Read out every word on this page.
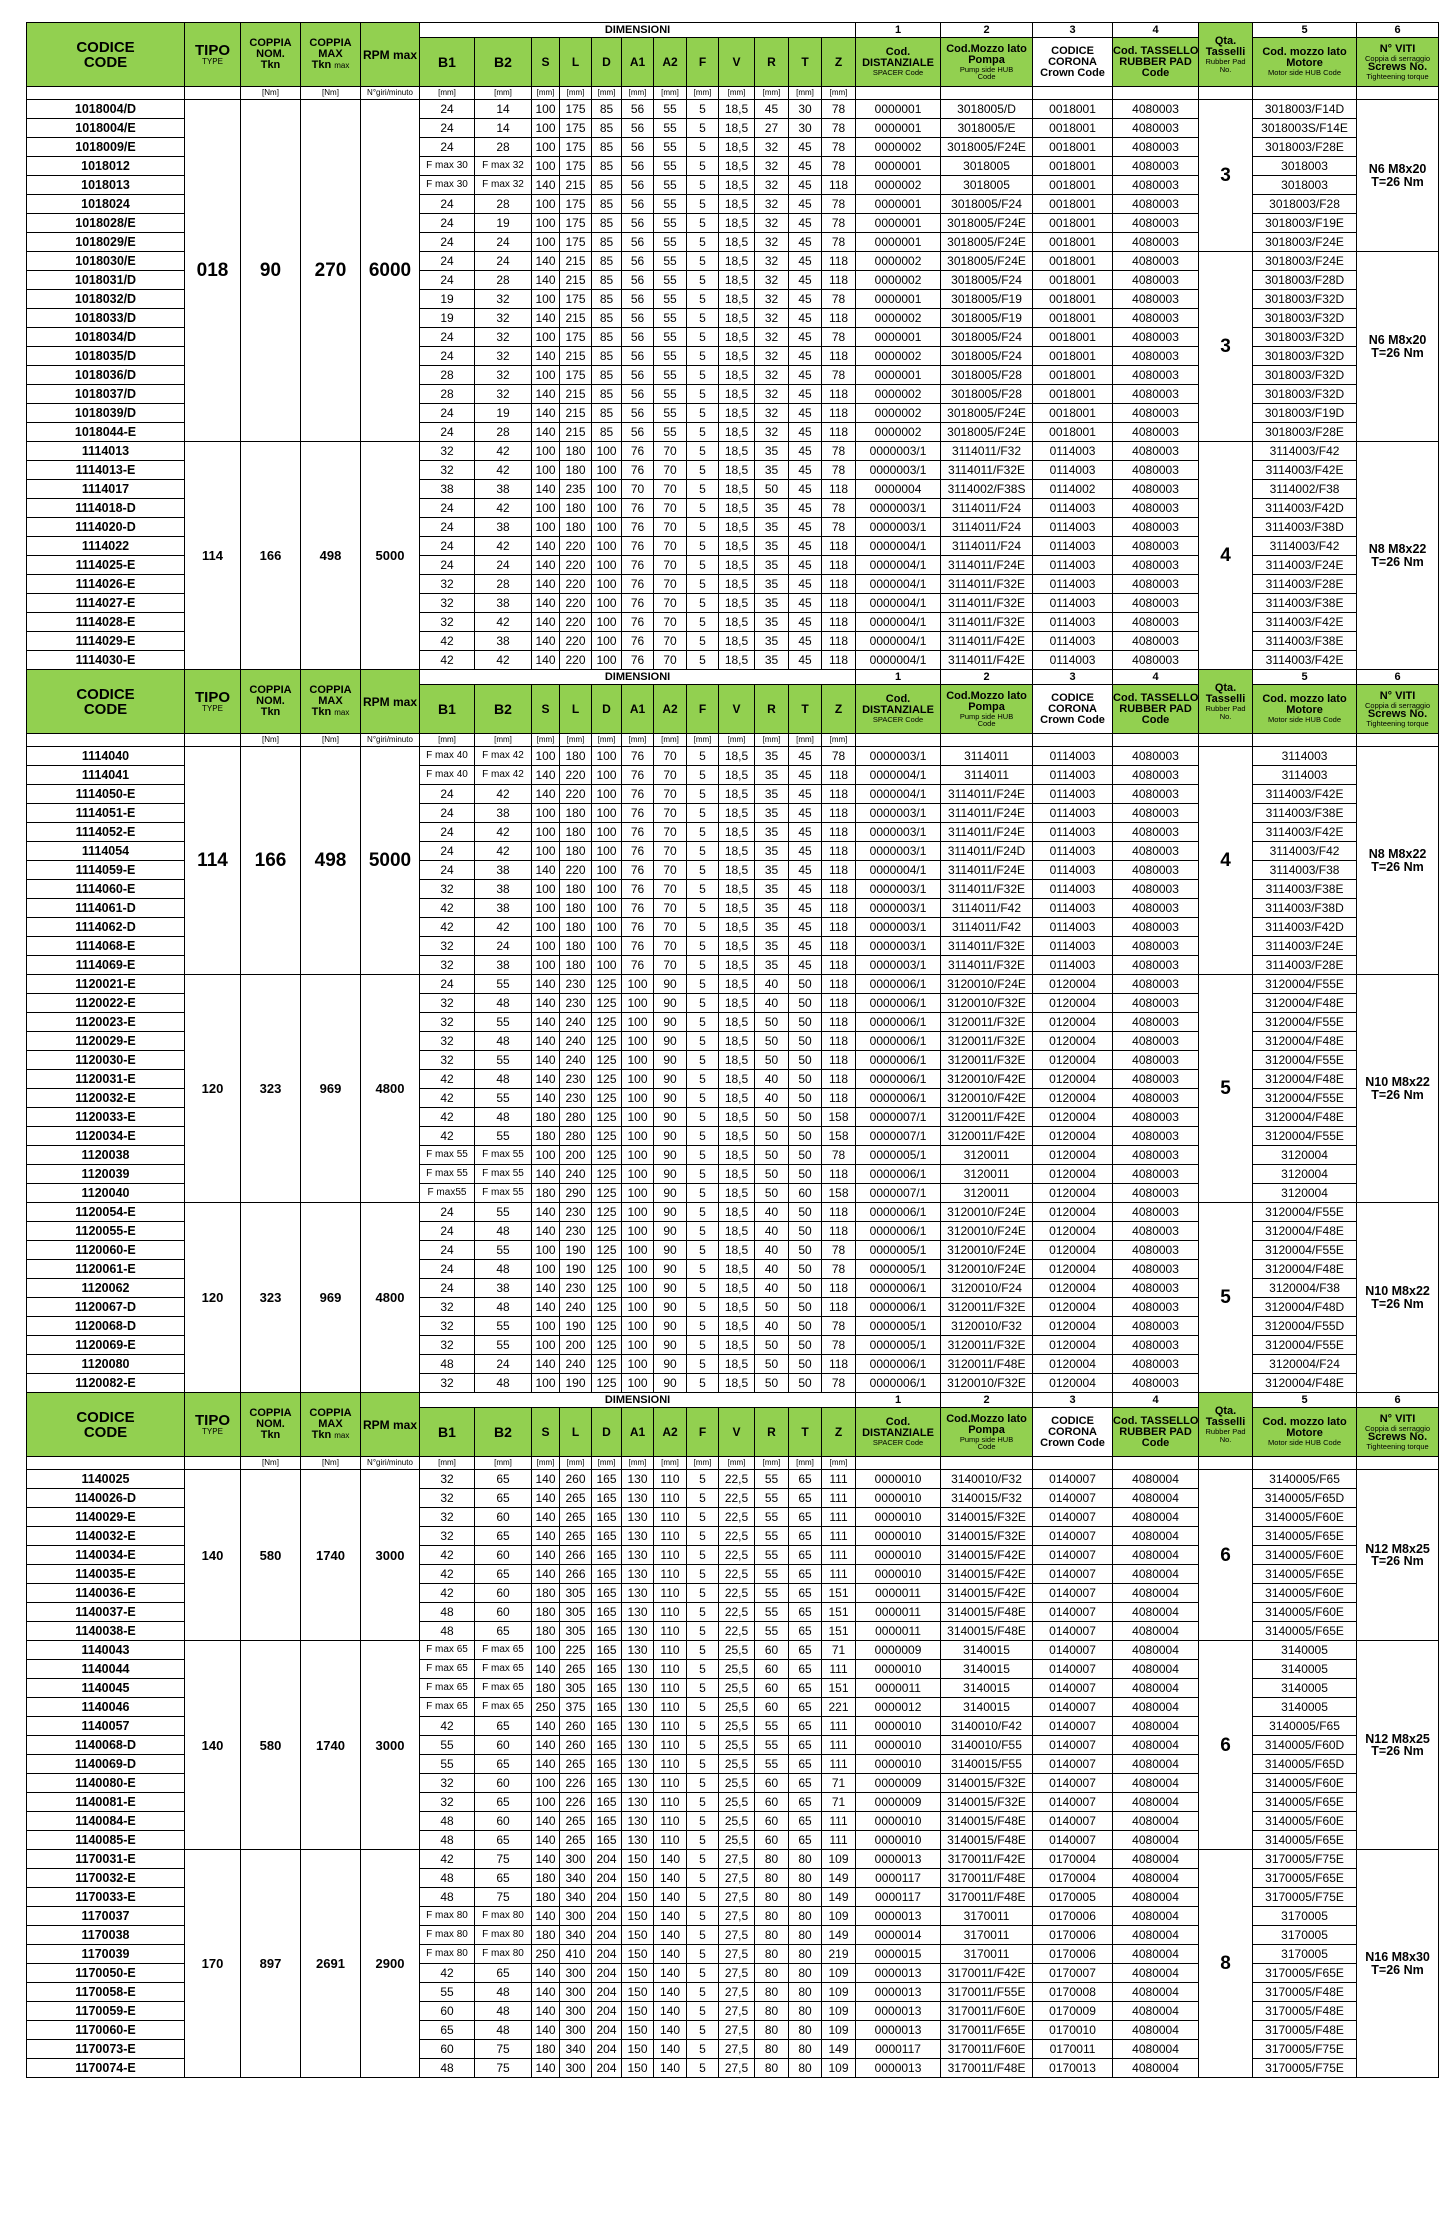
CODICE
CODE	TIPO

TYPE	COPPIA
NOM.
Tkn	COPPIA
MAX
Tkn max	RPM max	DIMENSIONI												1	2	3	4	Qta.
Tasselli
Rubber Pad
No.	5	6
					B1	B2	S	L	D	A1	A2	F	V	R	T	Z	Cod.
DISTANZIALE
SPACER Code	Cod.Mozzo lato
Pompa
Pump side HUB
Code	CODICE
CORONA
Crown Code	Cod. TASSELLO
RUBBER PAD
Code		Cod. mozzo lato
Motore
Motor side HUB Code	N° VITI
Coppia di serraggio
Screws No.
Tighteening torque

		[Nm]	[Nm]	N°giri/minuto	[mm]	[mm]	[mm]	[mm]	[mm]	[mm]	[mm]	[mm]	[mm]	[mm]	[mm]	[mm]							
1018004/D	018	90	270	6000	24	14	100	175	85	56	55	5	18,5	45	30	78	0000001	3018005/D	0018001	4080003	3	3018003/F14D	N6 M8x20
T=26 Nm
1018004/E					24	14	100	175	85	56	55	5	18,5	27	30	78	0000001	3018005/E	0018001	4080003		3018003S/F14E	
1018009/E					24	28	100	175	85	56	55	5	18,5	32	45	78	0000002	3018005/F24E	0018001	4080003		3018003/F28E	
1018012					F max 30	F max 32	100	175	85	56	55	5	18,5	32	45	78	0000001	3018005	0018001	4080003		3018003	
1018013					F max 30	F max 32	140	215	85	56	55	5	18,5	32	45	118	0000002	3018005	0018001	4080003		3018003	
1018024					24	28	100	175	85	56	55	5	18,5	32	45	78	0000001	3018005/F24	0018001	4080003		3018003/F28	
1018028/E					24	19	100	175	85	56	55	5	18,5	32	45	78	0000001	3018005/F24E	0018001	4080003		3018003/F19E	
1018029/E					24	24	100	175	85	56	55	5	18,5	32	45	78	0000001	3018005/F24E	0018001	4080003		3018003/F24E	
1018030/E					24	24	140	215	85	56	55	5	18,5	32	45	118	0000002	3018005/F24E	0018001	4080003	3	3018003/F24E	N6 M8x20
T=26 Nm
1018031/D					24	28	140	215	85	56	55	5	18,5	32	45	118	0000002	3018005/F24	0018001	4080003		3018003/F28D	
1018032/D					19	32	100	175	85	56	55	5	18,5	32	45	78	0000001	3018005/F19	0018001	4080003		3018003/F32D	
1018033/D					19	32	140	215	85	56	55	5	18,5	32	45	118	0000002	3018005/F19	0018001	4080003		3018003/F32D	
1018034/D					24	32	100	175	85	56	55	5	18,5	32	45	78	0000001	3018005/F24	0018001	4080003		3018003/F32D	
1018035/D					24	32	140	215	85	56	55	5	18,5	32	45	118	0000002	3018005/F24	0018001	4080003		3018003/F32D	
1018036/D					28	32	100	175	85	56	55	5	18,5	32	45	78	0000001	3018005/F28	0018001	4080003		3018003/F32D	
1018037/D					28	32	140	215	85	56	55	5	18,5	32	45	118	0000002	3018005/F28	0018001	4080003		3018003/F32D	
1018039/D					24	19	140	215	85	56	55	5	18,5	32	45	118	0000002	3018005/F24E	0018001	4080003		3018003/F19D	
1018044-E					24	28	140	215	85	56	55	5	18,5	32	45	118	0000002	3018005/F24E	0018001	4080003		3018003/F28E	
1114013	114	166	498	5000	32	42	100	180	100	76	70	5	18,5	35	45	78	0000003/1	3114011/F32	0114003	4080003	4	3114003/F42	N8 M8x22
T=26 Nm
1114013-E					32	42	100	180	100	76	70	5	18,5	35	45	78	0000003/1	3114011/F32E	0114003	4080003		3114003/F42E	
1114017					38	38	140	235	100	70	70	5	18,5	50	45	118	0000004	3114002/F38S	0114002	4080003		3114002/F38	
1114018-D					24	42	100	180	100	76	70	5	18,5	35	45	78	0000003/1	3114011/F24	0114003	4080003		3114003/F42D	
1114020-D					24	38	100	180	100	76	70	5	18,5	35	45	78	0000003/1	3114011/F24	0114003	4080003		3114003/F38D	
1114022					24	42	140	220	100	76	70	5	18,5	35	45	118	0000004/1	3114011/F24	0114003	4080003		3114003/F42	
1114025-E					24	24	140	220	100	76	70	5	18,5	35	45	118	0000004/1	3114011/F24E	0114003	4080003		3114003/F24E	
1114026-E					32	28	140	220	100	76	70	5	18,5	35	45	118	0000004/1	3114011/F32E	0114003	4080003		3114003/F28E	
1114027-E					32	38	140	220	100	76	70	5	18,5	35	45	118	0000004/1	3114011/F32E	0114003	4080003		3114003/F38E	
1114028-E					32	42	140	220	100	76	70	5	18,5	35	45	118	0000004/1	3114011/F32E	0114003	4080003		3114003/F42E	
1114029-E					42	38	140	220	100	76	70	5	18,5	35	45	118	0000004/1	3114011/F42E	0114003	4080003		3114003/F38E	
1114030-E					42	42	140	220	100	76	70	5	18,5	35	45	118	0000004/1	3114011/F42E	0114003	4080003		3114003/F42E	
CODICE
CODE	TIPO

TYPE	COPPIA
NOM.
Tkn	COPPIA
MAX
Tkn max	RPM max	DIMENSIONI												1	2	3	4	Qta.
Tasselli
Rubber Pad
No.	5	6
					B1	B2	S	L	D	A1	A2	F	V	R	T	Z	Cod.
DISTANZIALE
SPACER Code	Cod.Mozzo lato
Pompa
Pump side HUB
Code	CODICE
CORONA
Crown Code	Cod. TASSELLO
RUBBER PAD
Code		Cod. mozzo lato
Motore
Motor side HUB Code	N° VITI
Coppia di serraggio
Screws No.
Tighteening torque

		[Nm]	[Nm]	N°giri/minuto	[mm]	[mm]	[mm]	[mm]	[mm]	[mm]	[mm]	[mm]	[mm]	[mm]	[mm]	[mm]							
1114040	114	166	498	5000	F max 40	F max 42	100	180	100	76	70	5	18,5	35	45	78	0000003/1	3114011	0114003	4080003	4	3114003	N8 M8x22
T=26 Nm
1114041					F max 40	F max 42	140	220	100	76	70	5	18,5	35	45	118	0000004/1	3114011	0114003	4080003		3114003	
1114050-E					24	42	140	220	100	76	70	5	18,5	35	45	118	0000004/1	3114011/F24E	0114003	4080003		3114003/F42E	
1114051-E					24	38	100	180	100	76	70	5	18,5	35	45	118	0000003/1	3114011/F24E	0114003	4080003		3114003/F38E	
1114052-E					24	42	100	180	100	76	70	5	18,5	35	45	118	0000003/1	3114011/F24E	0114003	4080003		3114003/F42E	
1114054					24	42	100	180	100	76	70	5	18,5	35	45	118	0000003/1	3114011/F24D	0114003	4080003		3114003/F42	
1114059-E					24	38	140	220	100	76	70	5	18,5	35	45	118	0000004/1	3114011/F24E	0114003	4080003		3114003/F38	
1114060-E					32	38	100	180	100	76	70	5	18,5	35	45	118	0000003/1	3114011/F32E	0114003	4080003		3114003/F38E	
1114061-D					42	38	100	180	100	76	70	5	18,5	35	45	118	0000003/1	3114011/F42	0114003	4080003		3114003/F38D	
1114062-D					42	42	100	180	100	76	70	5	18,5	35	45	118	0000003/1	3114011/F42	0114003	4080003		3114003/F42D	
1114068-E					32	24	100	180	100	76	70	5	18,5	35	45	118	0000003/1	3114011/F32E	0114003	4080003		3114003/F24E	
1114069-E					32	38	100	180	100	76	70	5	18,5	35	45	118	0000003/1	3114011/F32E	0114003	4080003		3114003/F28E	
1120021-E	120	323	969	4800	24	55	140	230	125	100	90	5	18,5	40	50	118	0000006/1	3120010/F24E	0120004	4080003	5	3120004/F55E	N10 M8x22
T=26 Nm
1120022-E					32	48	140	230	125	100	90	5	18,5	40	50	118	0000006/1	3120010/F32E	0120004	4080003		3120004/F48E	
1120023-E					32	55	140	240	125	100	90	5	18,5	50	50	118	0000006/1	3120011/F32E	0120004	4080003		3120004/F55E	
1120029-E					32	48	140	240	125	100	90	5	18,5	50	50	118	0000006/1	3120011/F32E	0120004	4080003		3120004/F48E	
1120030-E					32	55	140	240	125	100	90	5	18,5	50	50	118	0000006/1	3120011/F32E	0120004	4080003		3120004/F55E	
1120031-E					42	48	140	230	125	100	90	5	18,5	40	50	118	0000006/1	3120010/F42E	0120004	4080003		3120004/F48E	
1120032-E					42	55	140	230	125	100	90	5	18,5	40	50	118	0000006/1	3120010/F42E	0120004	4080003		3120004/F55E	
1120033-E					42	48	180	280	125	100	90	5	18,5	50	50	158	0000007/1	3120011/F42E	0120004	4080003		3120004/F48E	
1120034-E					42	55	180	280	125	100	90	5	18,5	50	50	158	0000007/1	3120011/F42E	0120004	4080003		3120004/F55E	
1120038					F max 55	F max 55	100	200	125	100	90	5	18,5	50	50	78	0000005/1	3120011	0120004	4080003		3120004	
1120039					F max 55	F max 55	140	240	125	100	90	5	18,5	50	50	118	0000006/1	3120011	0120004	4080003		3120004	
1120040					F max55	F max 55	180	290	125	100	90	5	18,5	50	60	158	0000007/1	3120011	0120004	4080003		3120004	
1120054-E	120	323	969	4800	24	55	140	230	125	100	90	5	18,5	40	50	118	0000006/1	3120010/F24E	0120004	4080003	5	3120004/F55E	N10 M8x22
T=26 Nm
1120055-E					24	48	140	230	125	100	90	5	18,5	40	50	118	0000006/1	3120010/F24E	0120004	4080003		3120004/F48E	
1120060-E					24	55	100	190	125	100	90	5	18,5	40	50	78	0000005/1	3120010/F24E	0120004	4080003		3120004/F55E	
1120061-E					24	48	100	190	125	100	90	5	18,5	40	50	78	0000005/1	3120010/F24E	0120004	4080003		3120004/F48E	
1120062					24	38	140	230	125	100	90	5	18,5	40	50	118	0000006/1	3120010/F24	0120004	4080003		3120004/F38	
1120067-D					32	48	140	240	125	100	90	5	18,5	50	50	118	0000006/1	3120011/F32E	0120004	4080003		3120004/F48D	
1120068-D					32	55	100	190	125	100	90	5	18,5	40	50	78	0000005/1	3120010/F32	0120004	4080003		3120004/F55D	
1120069-E					32	55	100	200	125	100	90	5	18,5	50	50	78	0000005/1	3120011/F32E	0120004	4080003		3120004/F55E	
1120080					48	24	140	240	125	100	90	5	18,5	50	50	118	0000006/1	3120011/F48E	0120004	4080003		3120004/F24	
1120082-E					32	48	100	190	125	100	90	5	18,5	50	50	78	0000006/1	3120010/F32E	0120004	4080003		3120004/F48E	
CODICE
CODE	TIPO

TYPE	COPPIA
NOM.
Tkn	COPPIA
MAX
Tkn max	RPM max	DIMENSIONI												1	2	3	4	Qta.
Tasselli
Rubber Pad
No.	5	6
					B1	B2	S	L	D	A1	A2	F	V	R	T	Z	Cod.
DISTANZIALE
SPACER Code	Cod.Mozzo lato
Pompa
Pump side HUB
Code	CODICE
CORONA
Crown Code	Cod. TASSELLO
RUBBER PAD
Code		Cod. mozzo lato
Motore
Motor side HUB Code	N° VITI
Coppia di serraggio
Screws No.
Tighteening torque

		[Nm]	[Nm]	N°giri/minuto	[mm]	[mm]	[mm]	[mm]	[mm]	[mm]	[mm]	[mm]	[mm]	[mm]	[mm]	[mm]							
1140025	140	580	1740	3000	32	65	140	260	165	130	110	5	22,5	55	65	111	0000010	3140010/F32	0140007	4080004	6	3140005/F65	N12 M8x25
T=26 Nm
1140026-D					32	65	140	265	165	130	110	5	22,5	55	65	111	0000010	3140015/F32	0140007	4080004		3140005/F65D	
1140029-E					32	60	140	265	165	130	110	5	22,5	55	65	111	0000010	3140015/F32E	0140007	4080004		3140005/F60E	
1140032-E					32	65	140	265	165	130	110	5	22,5	55	65	111	0000010	3140015/F32E	0140007	4080004		3140005/F65E	
1140034-E					42	60	140	266	165	130	110	5	22,5	55	65	111	0000010	3140015/F42E	0140007	4080004		3140005/F60E	
1140035-E					42	65	140	266	165	130	110	5	22,5	55	65	111	0000010	3140015/F42E	0140007	4080004		3140005/F65E	
1140036-E					42	60	180	305	165	130	110	5	22,5	55	65	151	0000011	3140015/F42E	0140007	4080004		3140005/F60E	
1140037-E					48	60	180	305	165	130	110	5	22,5	55	65	151	0000011	3140015/F48E	0140007	4080004		3140005/F60E	
1140038-E					48	65	180	305	165	130	110	5	22,5	55	65	151	0000011	3140015/F48E	0140007	4080004		3140005/F65E	
1140043	140	580	1740	3000	F max 65	F max 65	100	225	165	130	110	5	25,5	60	65	71	0000009	3140015	0140007	4080004	6	3140005	N12 M8x25
T=26 Nm
1140044					F max 65	F max 65	140	265	165	130	110	5	25,5	60	65	111	0000010	3140015	0140007	4080004		3140005	
1140045					F max 65	F max 65	180	305	165	130	110	5	25,5	60	65	151	0000011	3140015	0140007	4080004		3140005	
1140046					F max 65	F max 65	250	375	165	130	110	5	25,5	60	65	221	0000012	3140015	0140007	4080004		3140005	
1140057					42	65	140	260	165	130	110	5	25,5	55	65	111	0000010	3140010/F42	0140007	4080004		3140005/F65	
1140068-D					55	60	140	260	165	130	110	5	25,5	55	65	111	0000010	3140010/F55	0140007	4080004		3140005/F60D	
1140069-D					55	65	140	265	165	130	110	5	25,5	55	65	111	0000010	3140015/F55	0140007	4080004		3140005/F65D	
1140080-E					32	60	100	226	165	130	110	5	25,5	60	65	71	0000009	3140015/F32E	0140007	4080004		3140005/F60E	
1140081-E					32	65	100	226	165	130	110	5	25,5	60	65	71	0000009	3140015/F32E	0140007	4080004		3140005/F65E	
1140084-E					48	60	140	265	165	130	110	5	25,5	60	65	111	0000010	3140015/F48E	0140007	4080004		3140005/F60E	
1140085-E					48	65	140	265	165	130	110	5	25,5	60	65	111	0000010	3140015/F48E	0140007	4080004		3140005/F65E	
1170031-E	170	897	2691	2900	42	75	140	300	204	150	140	5	27,5	80	80	109	0000013	3170011/F42E	0170004	4080004	8	3170005/F75E	N16 M8x30
T=26 Nm
1170032-E					48	65	180	340	204	150	140	5	27,5	80	80	149	0000117	3170011/F48E	0170004	4080004		3170005/F65E	
1170033-E					48	75	180	340	204	150	140	5	27,5	80	80	149	0000117	3170011/F48E	0170005	4080004		3170005/F75E	
1170037					F max 80	F max 80	140	300	204	150	140	5	27,5	80	80	109	0000013	3170011	0170006	4080004		3170005	
1170038					F max 80	F max 80	180	340	204	150	140	5	27,5	80	80	149	0000014	3170011	0170006	4080004		3170005	
1170039					F max 80	F max 80	250	410	204	150	140	5	27,5	80	80	219	0000015	3170011	0170006	4080004		3170005	
1170050-E					42	65	140	300	204	150	140	5	27,5	80	80	109	0000013	3170011/F42E	0170007	4080004		3170005/F65E	
1170058-E					55	48	140	300	204	150	140	5	27,5	80	80	109	0000013	3170011/F55E	0170008	4080004		3170005/F48E	
1170059-E					60	48	140	300	204	150	140	5	27,5	80	80	109	0000013	3170011/F60E	0170009	4080004		3170005/F48E	
1170060-E					65	48	140	300	204	150	140	5	27,5	80	80	109	0000013	3170011/F65E	0170010	4080004		3170005/F48E	
1170073-E					60	75	180	340	204	150	140	5	27,5	80	80	149	0000117	3170011/F60E	0170011	4080004		3170005/F75E	
1170074-E					48	75	140	300	204	150	140	5	27,5	80	80	109	0000013	3170011/F48E	0170013	4080004		3170005/F75E	
